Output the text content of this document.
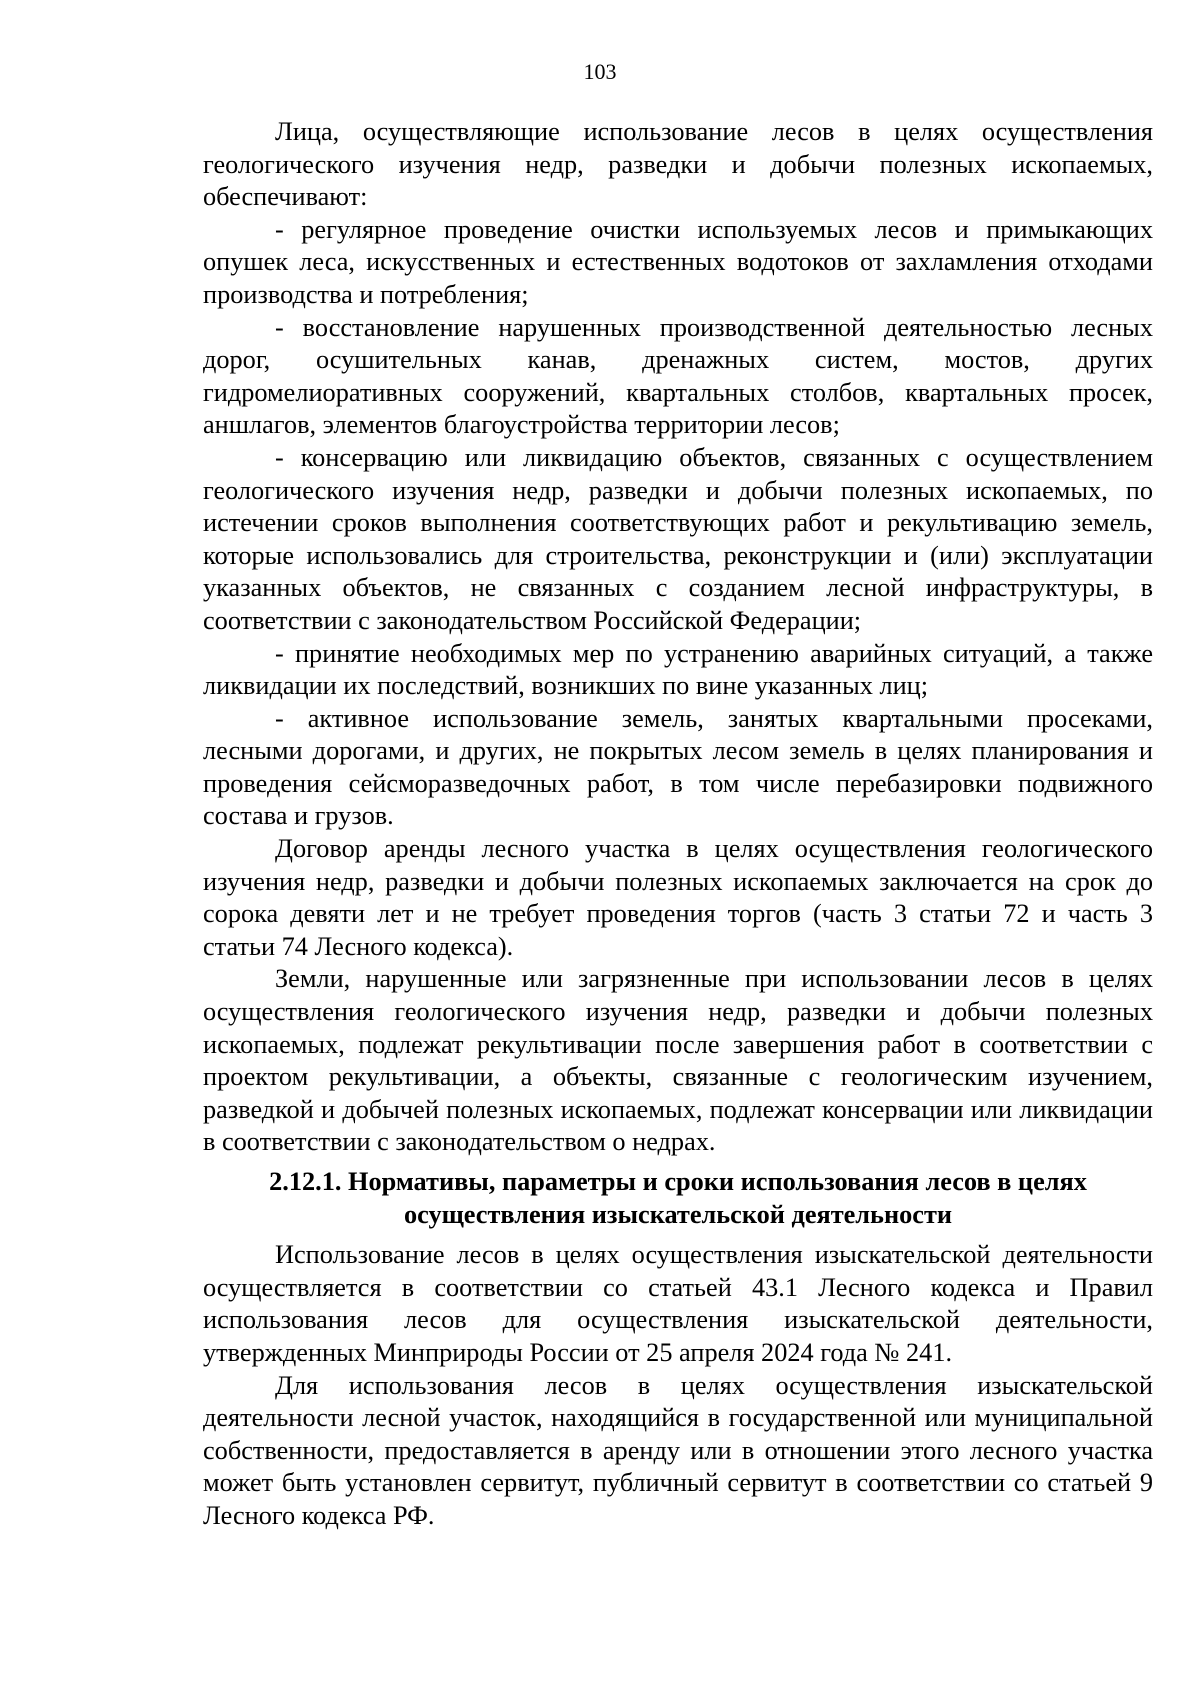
103

Лица, осуществляющие использование лесов в целях осуществления геологического изучения недр, разведки и добычи полезных ископаемых, обеспечивают:

- регулярное проведение очистки используемых лесов и примыкающих опушек леса, искусственных и естественных водотоков от захламления отходами производства и потребления;

- восстановление нарушенных производственной деятельностью лесных дорог, осушительных канав, дренажных систем, мостов, других гидромелиоративных сооружений, квартальных столбов, квартальных просек, аншлагов, элементов благоустройства территории лесов;

- консервацию или ликвидацию объектов, связанных с осуществлением геологического изучения недр, разведки и добычи полезных ископаемых, по истечении сроков выполнения соответствующих работ и рекультивацию земель, которые использовались для строительства, реконструкции и (или) эксплуатации указанных объектов, не связанных с созданием лесной инфраструктуры, в соответствии с законодательством Российской Федерации;

- принятие необходимых мер по устранению аварийных ситуаций, а также ликвидации их последствий, возникших по вине указанных лиц;

- активное использование земель, занятых квартальными просеками, лесными дорогами, и других, не покрытых лесом земель в целях планирования и проведения сейсморазведочных работ, в том числе перебазировки подвижного состава и грузов.

Договор аренды лесного участка в целях осуществления геологического изучения недр, разведки и добычи полезных ископаемых заключается на срок до сорока девяти лет и не требует проведения торгов (часть 3 статьи 72 и часть 3 статьи 74 Лесного кодекса).

Земли, нарушенные или загрязненные при использовании лесов в целях осуществления геологического изучения недр, разведки и добычи полезных ископаемых, подлежат рекультивации после завершения работ в соответствии с проектом рекультивации, а объекты, связанные с геологическим изучением, разведкой и добычей полезных ископаемых, подлежат консервации или ликвидации в соответствии с законодательством о недрах.

2.12.1. Нормативы, параметры и сроки использования лесов в целях
осуществления изыскательской деятельности

Использование лесов в целях осуществления изыскательской деятельности осуществляется в соответствии со статьей 43.1 Лесного кодекса и Правил использования лесов для осуществления изыскательской деятельности, утвержденных Минприроды России от 25 апреля 2024 года № 241.

Для использования лесов в целях осуществления изыскательской деятельности лесной участок, находящийся в государственной или муниципальной собственности, предоставляется в аренду или в отношении этого лесного участка может быть установлен сервитут, публичный сервитут в соответствии со статьей 9 Лесного кодекса РФ.
